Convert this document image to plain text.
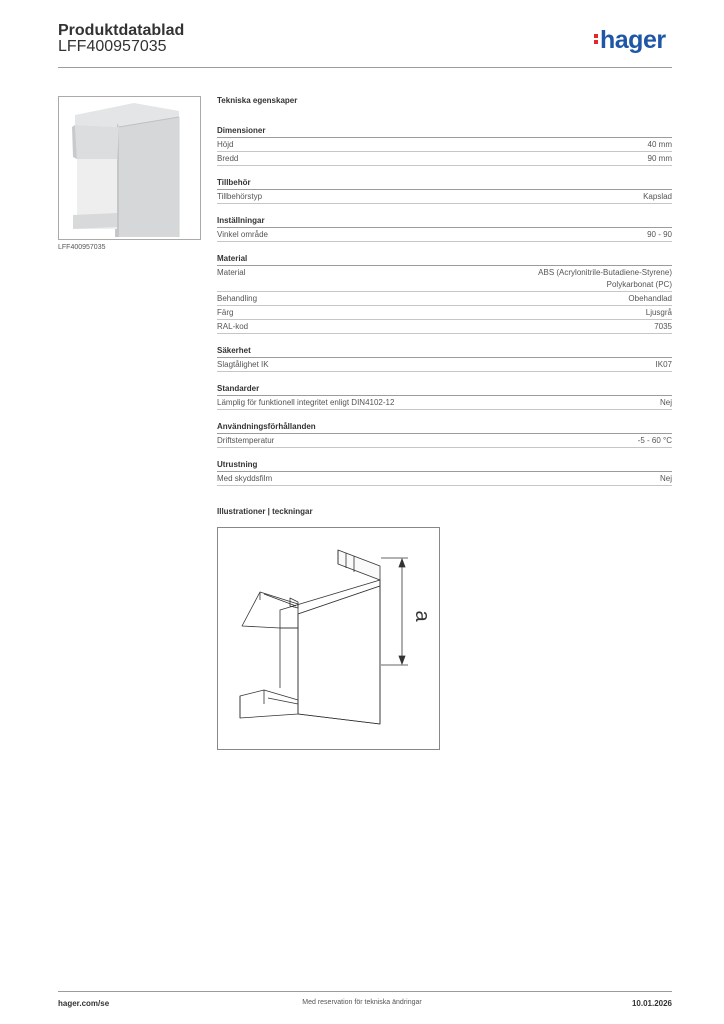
Produktdatablad
LFF400957035	hager
LFF400957035
Tekniska egenskaper
Dimensioner
Höjd	40 mm
Bredd	90 mm
Tillbehör
Tillbehörstyp	Kapslad
Inställningar
Vinkel område	90 - 90
Material
Material	ABS (Acrylonitrile-Butadiene-Styrene)
Polykarbonat (PC)
Behandling	Obehandlad
Färg	Ljusgrå
RAL-kod	7035
Säkerhet
Slagtålighet IK	IK07
Standarder
Lämplig för funktionell integritet enligt DIN4102-12	Nej
Användningsförhållanden
Driftstemperatur	-5 - 60 °C
Utrustning
Med skyddsfilm	Nej
Illustrationer | teckningar
a
hager.com/se	Med reservation för tekniska ändringar	10.01.2026
